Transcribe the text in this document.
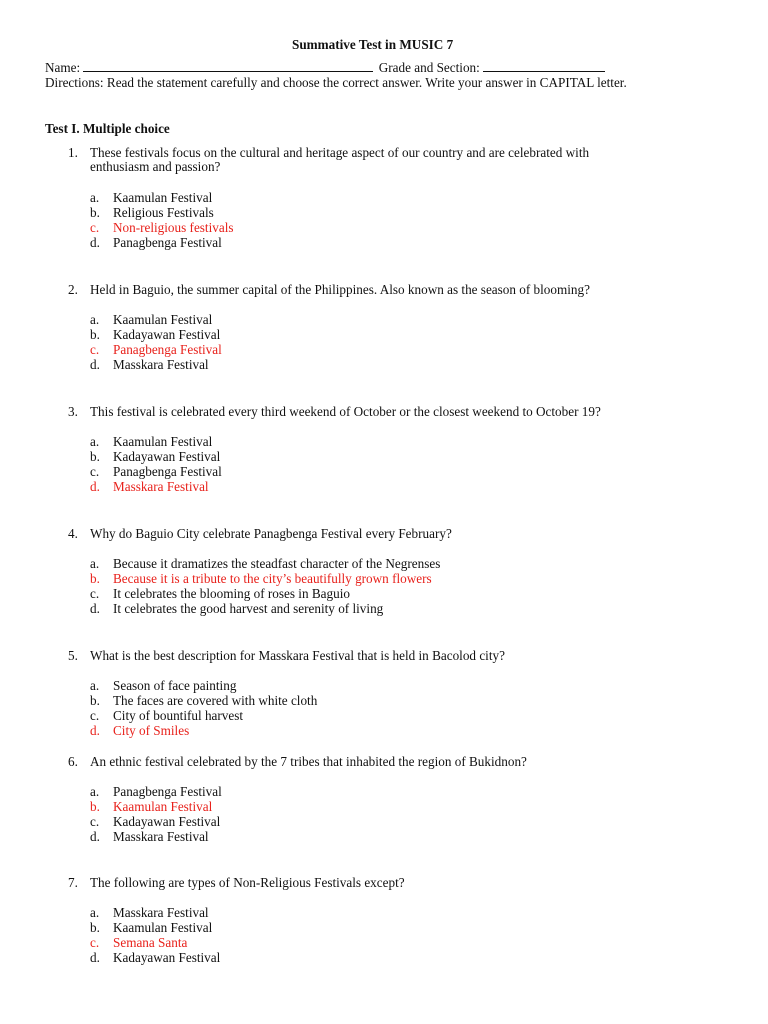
Summative Test in MUSIC 7
Name:	Grade and Section:
Directions: Read the statement carefully and choose the correct answer. Write your answer in CAPITAL letter.
Test I. Multiple choice
1. These festivals focus on the cultural and heritage aspect of our country and are celebrated with
enthusiasm and passion?
a. Kaamulan Festival
b. Religious Festivals
c. Non-religious festivals
d. Panagbenga Festival
2. Held in Baguio, the summer capital of the Philippines. Also known as the season of blooming?
a. Kaamulan Festival
b. Kadayawan Festival
c. Panagbenga Festival
d. Masskara Festival
3. This festival is celebrated every third weekend of October or the closest weekend to October 19?
a. Kaamulan Festival
b. Kadayawan Festival
c. Panagbenga Festival
d. Masskara Festival
4. Why do Baguio City celebrate Panagbenga Festival every February?
a. Because it dramatizes the steadfast character of the Negrenses
b. Because it is a tribute to the city’s beautifully grown flowers
c. It celebrates the blooming of roses in Baguio
d. It celebrates the good harvest and serenity of living
5. What is the best description for Masskara Festival that is held in Bacolod city?
a. Season of face painting
b. The faces are covered with white cloth
c. City of bountiful harvest
d. City of Smiles
6. An ethnic festival celebrated by the 7 tribes that inhabited the region of Bukidnon?
a. Panagbenga Festival
b. Kaamulan Festival
c. Kadayawan Festival
d. Masskara Festival
7. The following are types of Non-Religious Festivals except?
a. Masskara Festival
b. Kaamulan Festival
c. Semana Santa
d. Kadayawan Festival
